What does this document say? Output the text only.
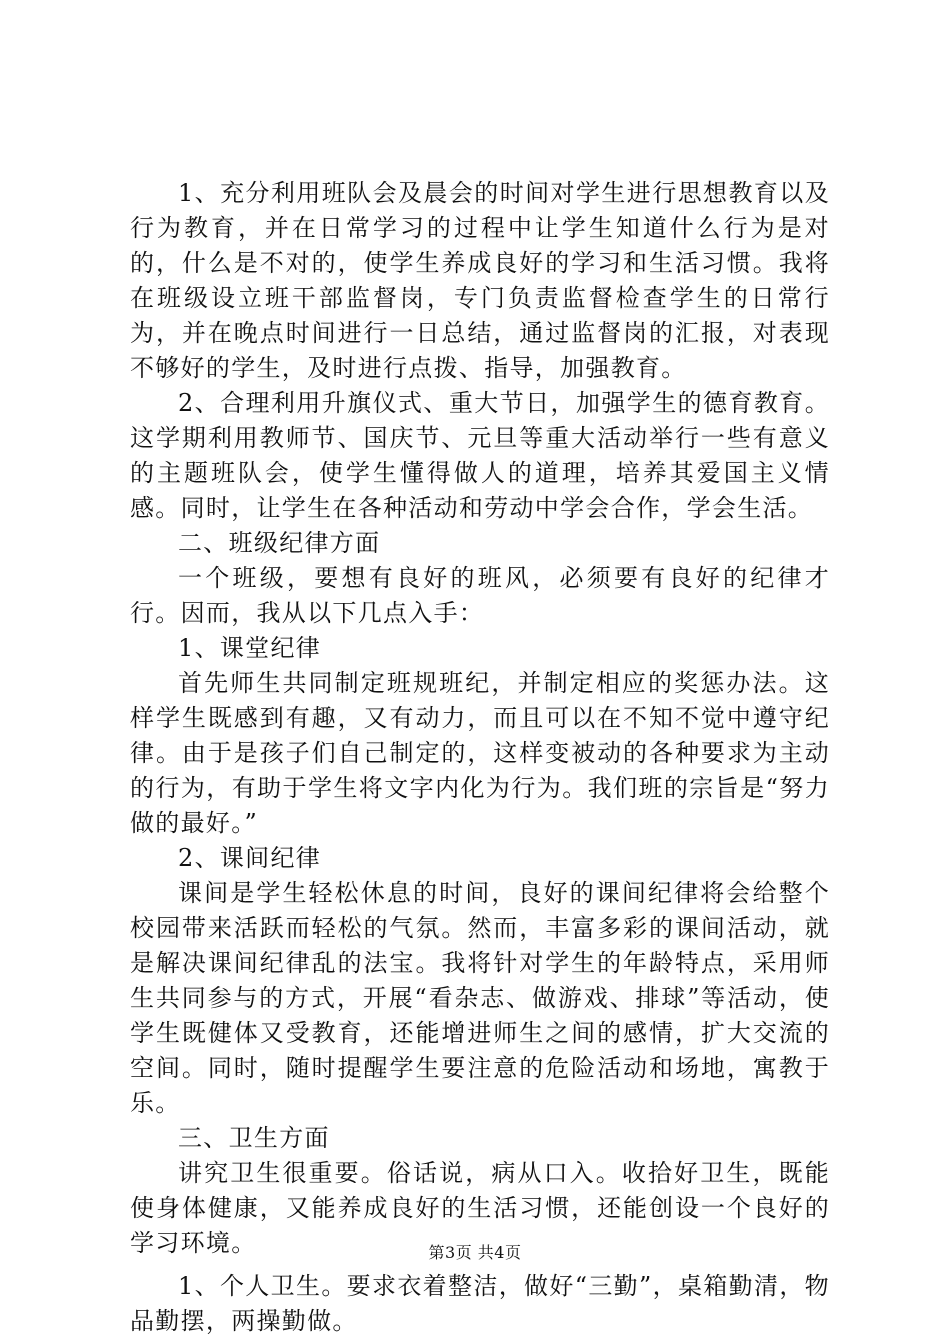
1、充分利用班队会及晨会的时间对学生进行思想教育以及行为教育，并在日常学习的过程中让学生知道什么行为是对的，什么是不对的，使学生养成良好的学习和生活习惯。我将在班级设立班干部监督岗，专门负责监督检查学生的日常行为，并在晚点时间进行一日总结，通过监督岗的汇报，对表现不够好的学生，及时进行点拨、指导，加强教育。

2、合理利用升旗仪式、重大节日，加强学生的德育教育。这学期利用教师节、国庆节、元旦等重大活动举行一些有意义的主题班队会，使学生懂得做人的道理，培养其爱国主义情感。同时，让学生在各种活动和劳动中学会合作，学会生活。

二、班级纪律方面

一个班级，要想有良好的班风，必须要有良好的纪律才行。因而，我从以下几点入手：

1、课堂纪律

首先师生共同制定班规班纪，并制定相应的奖惩办法。这样学生既感到有趣，又有动力，而且可以在不知不觉中遵守纪律。由于是孩子们自己制定的，这样变被动的各种要求为主动的行为，有助于学生将文字内化为行为。我们班的宗旨是“努力做的最好。”

2、课间纪律

课间是学生轻松休息的时间，良好的课间纪律将会给整个校园带来活跃而轻松的气氛。然而，丰富多彩的课间活动，就是解决课间纪律乱的法宝。我将针对学生的年龄特点，采用师生共同参与的方式，开展“看杂志、做游戏、排球”等活动，使学生既健体又受教育，还能增进师生之间的感情，扩大交流的空间。同时，随时提醒学生要注意的危险活动和场地，寓教于乐。

三、卫生方面

讲究卫生很重要。俗话说，病从口入。收拾好卫生，既能使身体健康，又能养成良好的生活习惯，还能创设一个良好的学习环境。

1、个人卫生。要求衣着整洁，做好“三勤”，桌箱勤清，物品勤摆，两操勤做。

第3页 共4页
